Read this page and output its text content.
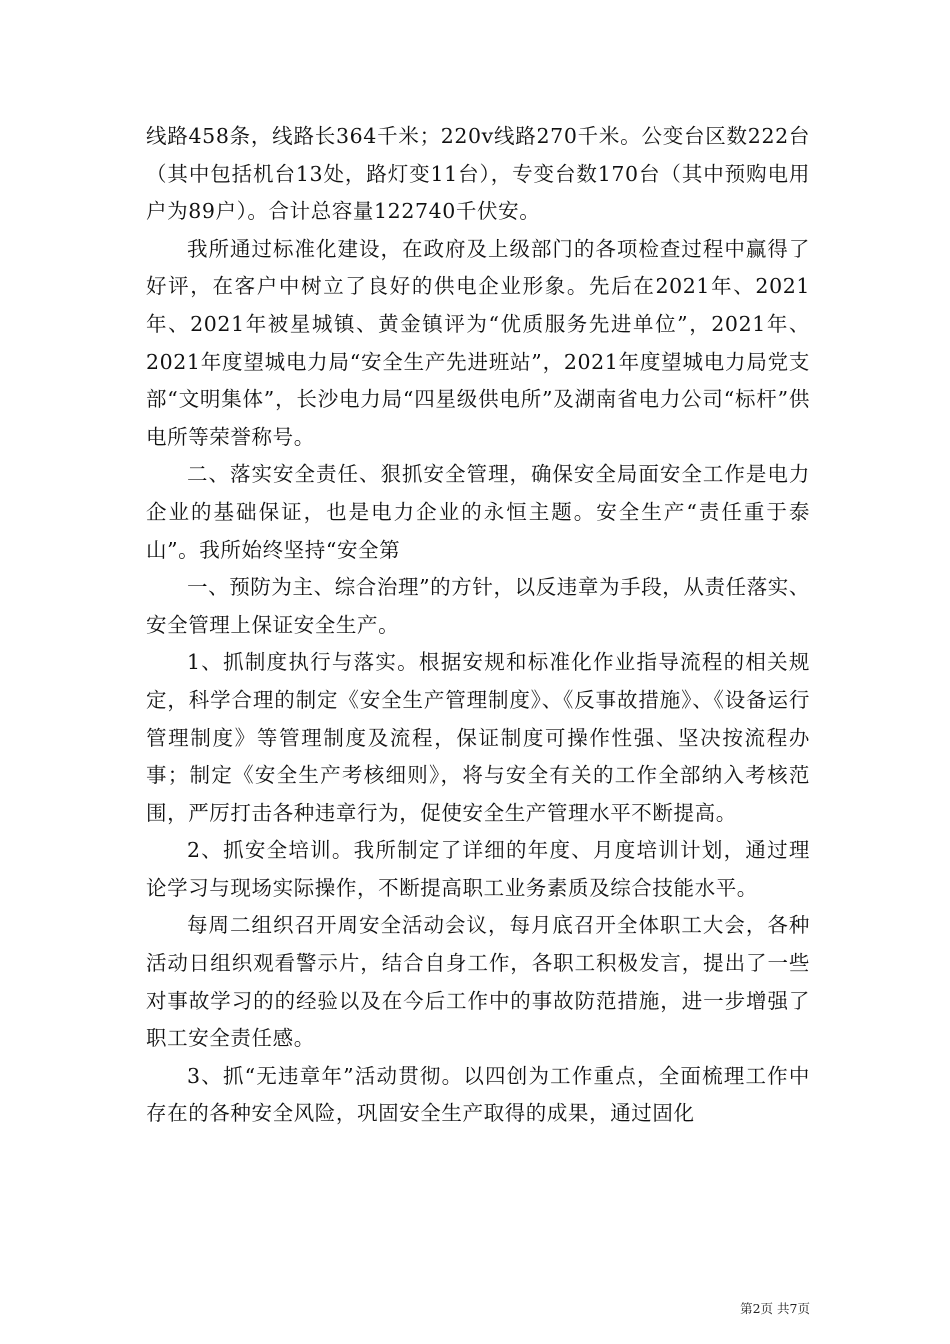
线路458条，线路长364千米；220v线路270千米。公变台区数222台（其中包括机台13处，路灯变11台），专变台数170台（其中预购电用户为89户）。合计总容量122740千伏安。

我所通过标准化建设，在政府及上级部门的各项检查过程中赢得了好评，在客户中树立了良好的供电企业形象。先后在2021年、2021年、2021年被星城镇、黄金镇评为“优质服务先进单位”，2021年、2021年度望城电力局“安全生产先进班站”，2021年度望城电力局党支部“文明集体”，长沙电力局“四星级供电所”及湖南省电力公司“标杆”供电所等荣誉称号。

二、落实安全责任、狠抓安全管理，确保安全局面安全工作是电力企业的基础保证，也是电力企业的永恒主题。安全生产“责任重于泰山”。我所始终坚持“安全第

一、预防为主、综合治理”的方针，以反违章为手段，从责任落实、安全管理上保证安全生产。

1、抓制度执行与落实。根据安规和标准化作业指导流程的相关规定，科学合理的制定《安全生产管理制度》、《反事故措施》、《设备运行管理制度》等管理制度及流程，保证制度可操作性强、坚决按流程办事；制定《安全生产考核细则》，将与安全有关的工作全部纳入考核范围，严厉打击各种违章行为，促使安全生产管理水平不断提高。

2、抓安全培训。我所制定了详细的年度、月度培训计划，通过理论学习与现场实际操作，不断提高职工业务素质及综合技能水平。

每周二组织召开周安全活动会议，每月底召开全体职工大会，各种活动日组织观看警示片，结合自身工作，各职工积极发言，提出了一些对事故学习的的经验以及在今后工作中的事故防范措施，进一步增强了职工安全责任感。

3、抓“无违章年”活动贯彻。以四创为工作重点，全面梳理工作中存在的各种安全风险，巩固安全生产取得的成果，通过固化

第2页 共7页
